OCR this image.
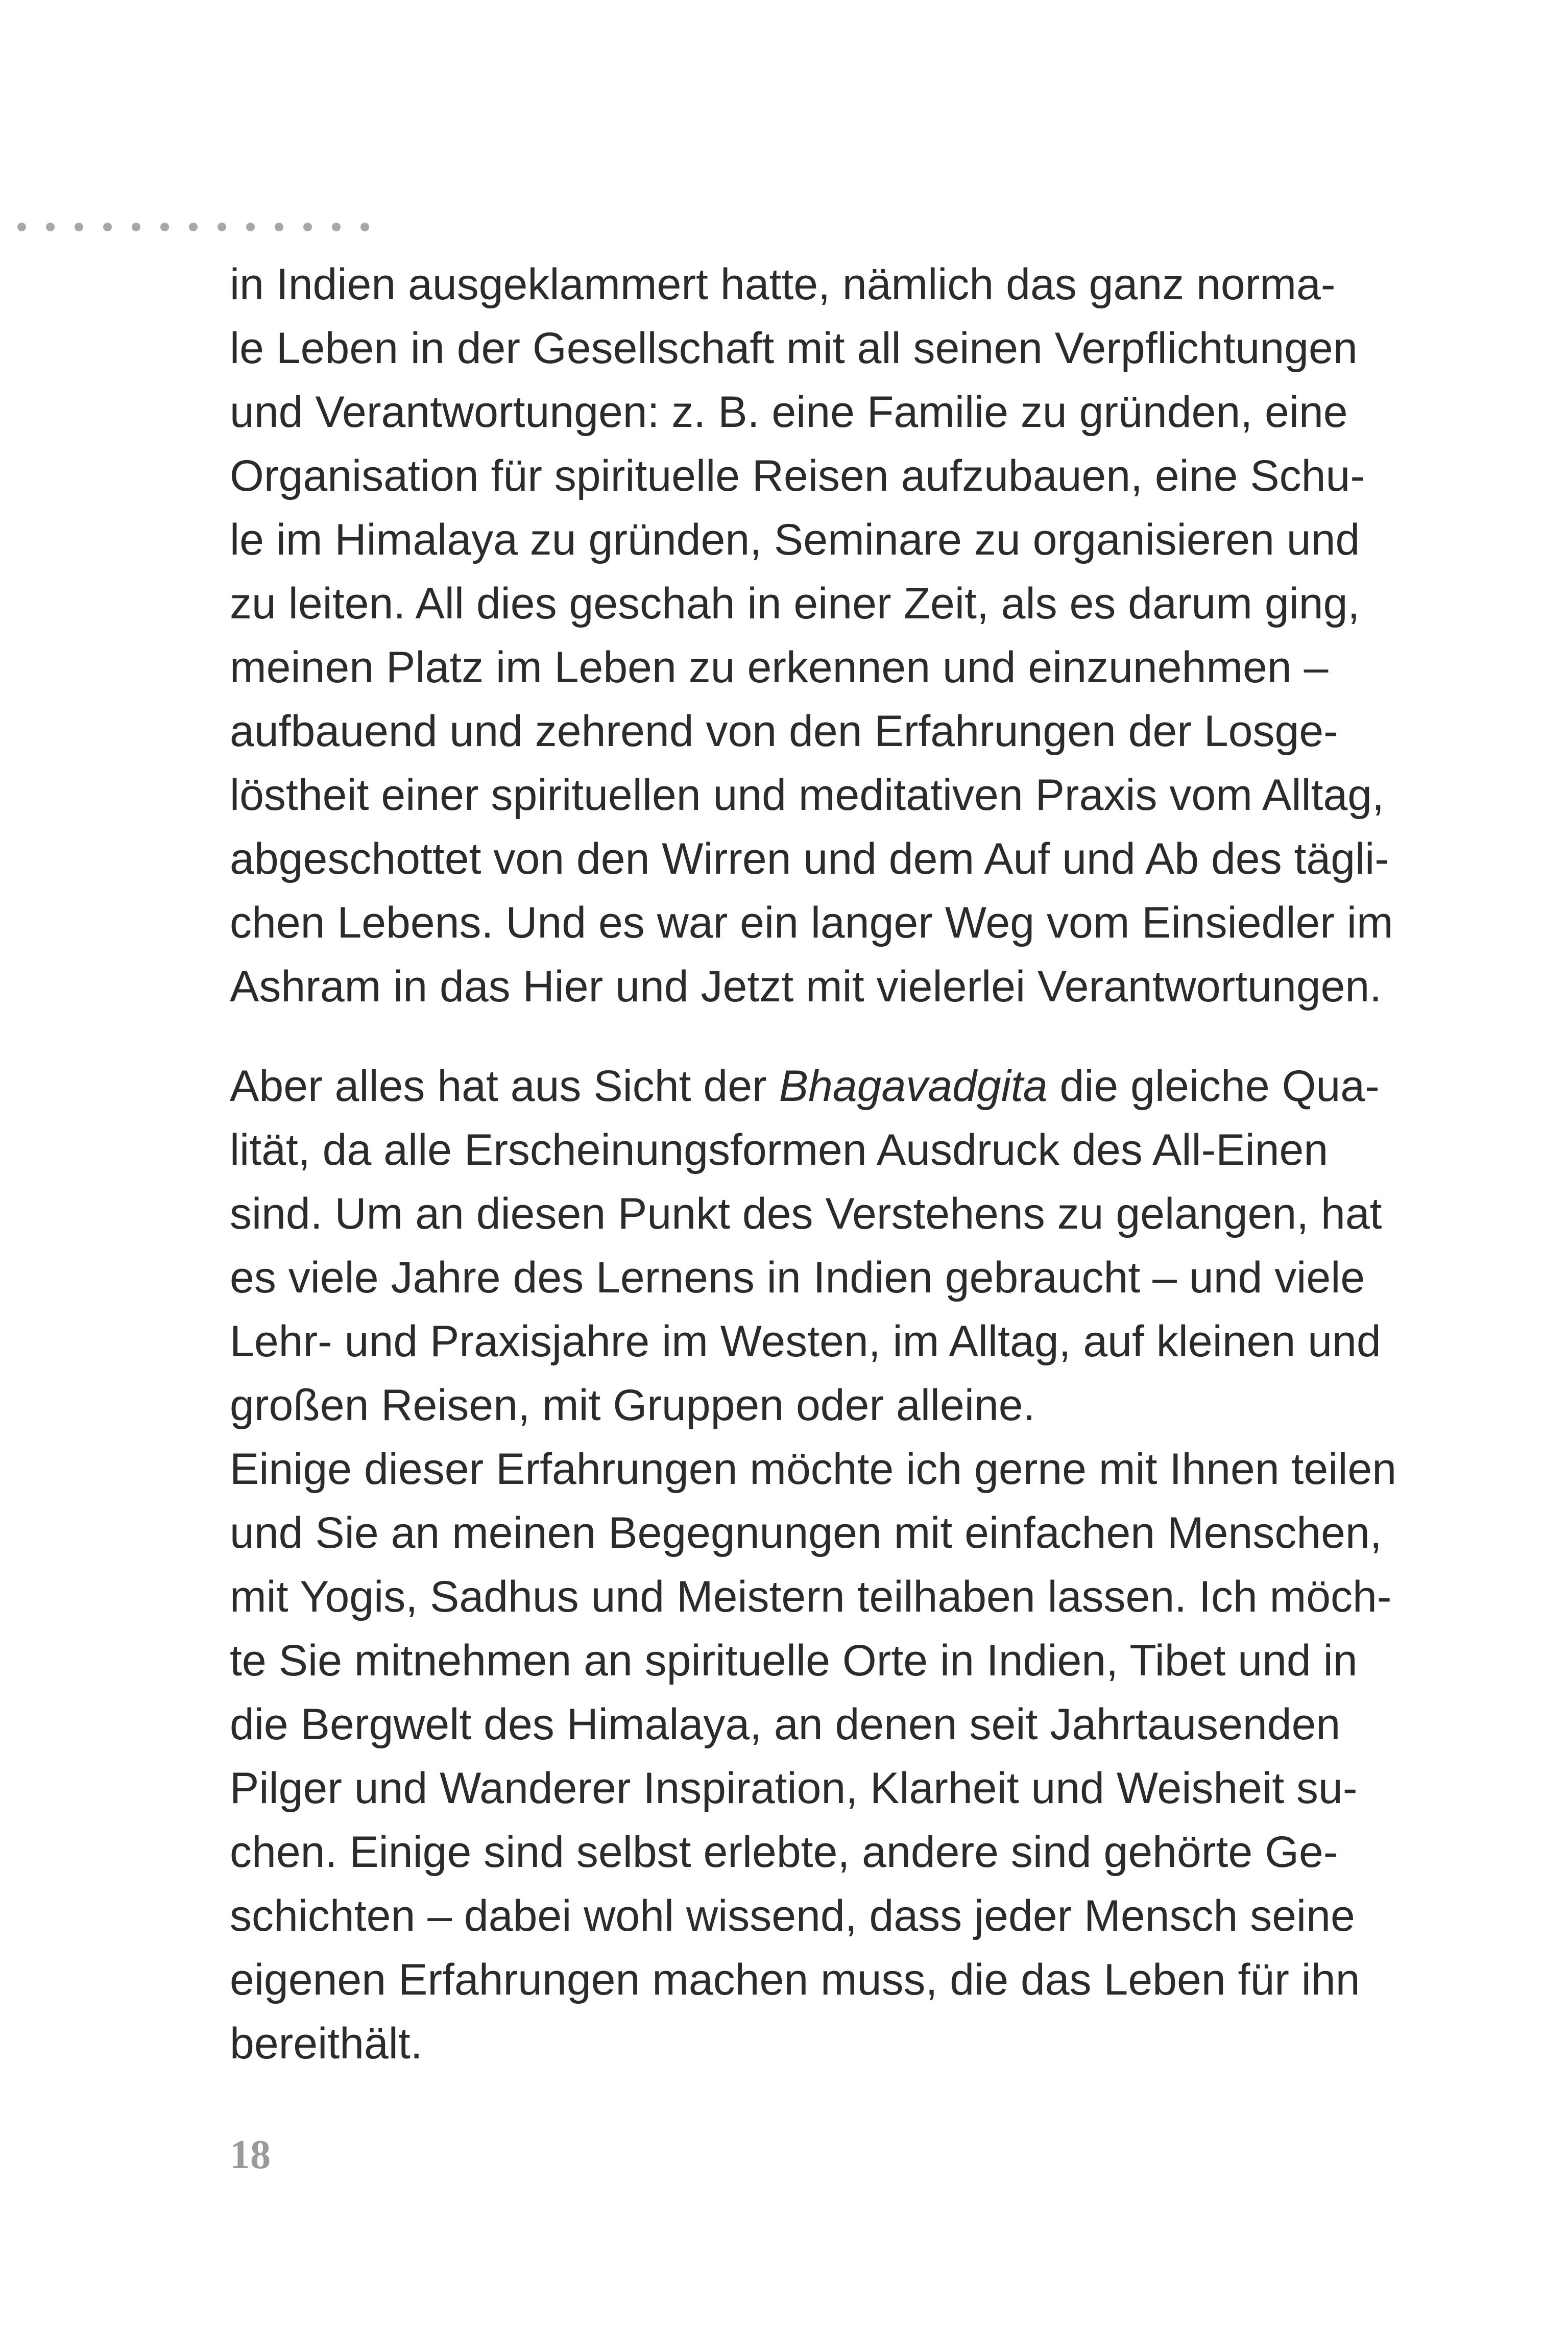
in Indien ausgeklammert hatte, nämlich das ganz norma-
le Leben in der Gesellschaft mit all seinen Verpflichtungen
und Verantwortungen: z. B. eine Familie zu gründen, eine
Organisation für spirituelle Reisen aufzubauen, eine Schu-
le im Himalaya zu gründen, Seminare zu organisieren und
zu leiten. All dies geschah in einer Zeit, als es darum ging,
meinen Platz im Leben zu erkennen und einzunehmen –
aufbauend und zehrend von den Erfahrungen der Losge-
löstheit einer spirituellen und meditativen Praxis vom Alltag,
abgeschottet von den Wirren und dem Auf und Ab des tägli-
chen Lebens. Und es war ein langer Weg vom Einsiedler im
Ashram in das Hier und Jetzt mit vielerlei Verantwortungen.
Aber alles hat aus Sicht der Bhagavadgita die gleiche Qua-
lität, da alle Erscheinungsformen Ausdruck des All-Einen
sind. Um an diesen Punkt des Verstehens zu gelangen, hat
es viele Jahre des Lernens in Indien gebraucht – und viele
Lehr- und Praxisjahre im Westen, im Alltag, auf kleinen und
großen Reisen, mit Gruppen oder alleine.
Einige dieser Erfahrungen möchte ich gerne mit Ihnen teilen
und Sie an meinen Begegnungen mit einfachen Menschen,
mit Yogis, Sadhus und Meistern teilhaben lassen. Ich möch-
te Sie mitnehmen an spirituelle Orte in Indien, Tibet und in
die Bergwelt des Himalaya, an denen seit Jahrtausenden
Pilger und Wanderer Inspiration, Klarheit und Weisheit su-
chen. Einige sind selbst erlebte, andere sind gehörte Ge-
schichten – dabei wohl wissend, dass jeder Mensch seine
eigenen Erfahrungen machen muss, die das Leben für ihn
bereithält.
18
